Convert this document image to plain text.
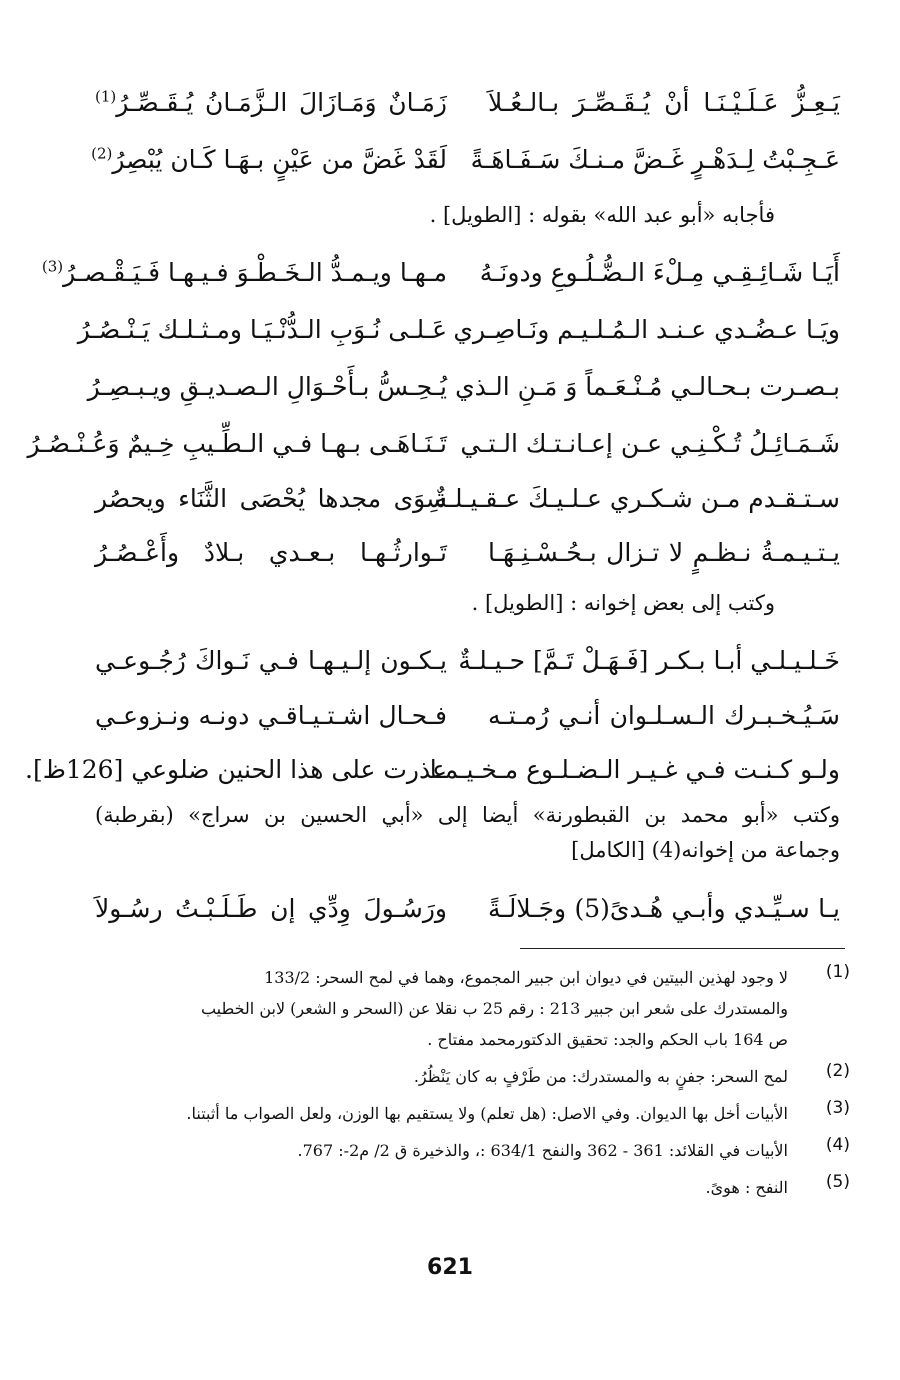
يَـعِـزُّ عَـلَـيْـنَـا أنْ يُـقَـصِّـرَ بـالـعُـلاَ
زَمَـانٌ وَمَـازَالَ الـزَّمَـانُ يُـقَـصِّـرُ$^{(1)}$
عَـجِـبْتُ لِـدَهْـرٍ غَـضَّ مـنـكَ سَـفَـاهَـةً
لَقَدْ غَضَّ من عَيْنٍ بـهَـا كَـان يُبْصِرُ$^{(2)}$
فأجابه «أبو عبد الله» بقوله : [الطويل] .
أَيَـا شَـائِـقِـي مِـلْءَ الـضُّـلُـوعِ ودونَـهُ
مـهـا ويـمـدُّ الـخَـطْـوَ فـيـهـا فَـيَـقْـصـرُ$^{(3)}$
ويَـا عـضُـدي عـنـد الـمُـلـيـم ونَـاصِـري
عَـلـى نُـوَبِ الـدُّنْـيَـا ومـثـلـك يَـنْـصُـرُ
بـصـرت بـحـالـي مُـنْـعَـماً وَ مَـنِ الـذي
يُـحِـسُّ بـأَحْـوَالِ الـصـديـقِ ويـبـصِـرُ
شَـمَـائِـلُ تُـكْـنِـي عـن إعـانـتـك الـتـي
تَـنَـاهَـى بـهـا فـي الـطِّـيبِ خِـيمٌ وَعُـنْـصُـرُ
سـتـقـدم مـن شـكـري عـلـيـكَ عـقـيـلـةٌ
سِوَى مجدها يُحْصَى الثَّنَاء ويحصُر
يـتـيـمـةُ نـظـمٍ لا تـزال بـحُـسْـنِـهَـا
تَـوارثُـهـا بـعـدي بـلادٌ وأَعْـصُـرُ
وكتب إلى بعض إخوانه : [الطويل] .
خَـلـيـلـي أبـا بـكـر [فَـهَـلْ تَـمَّ] حـيـلـةٌ
يـكـون إلـيـهـا فـي نَـواكَ رُجُـوعـي
سَـيُـخـبـرك الـسـلـوان أنـي رُمـتـه
فـحـال اشـتـيـاقـي دونـه ونـزوعـي
ولـو كـنـت فـي غـيـر الـضـلـوع مـخـيـمـا
عذرت على هذا الحنين ضلوعي [126ظ].
وكتب «أبو محمد بن القبطورنة» أيضا إلى «أبي الحسين بن سراج» (بقرطبة)
وجماعة من إخوانه(4) [الكامل]
يـا سـيِّـدي وأبـي هُـدىً(5) وجَـلالَـةً
ورَسُـولَ وِدِّي إن طَـلَـبْـتُ رسُـولاَ
(1)
لا وجود لهذين البيتين في ديوان ابن جبير المجموع، وهما في لمح السحر: 133/2
والمستدرك على شعر ابن جبير 213 : رقم 25 ب نقلا عن (السحر و الشعر) لابن الخطيب
ص 164 باب الحكم والجد: تحقيق الدكتورمحمد مفتاح .
(2)
لمح السحر: جفنٍ به والمستدرك: من طَرْفٍ به كان يَنْظُرُ.
(3)
الأبيات أخل بها الديوان. وفي الاصل: (هل تعلم) ولا يستقيم بها الوزن، ولعل الصواب ما أثبتنا.
(4)
الأبيات في القلائد: 361 - 362 والنفح 634/1 :، والذخيرة ق 2/ م2-: 767.
(5)
النفح : هوىً.
621
